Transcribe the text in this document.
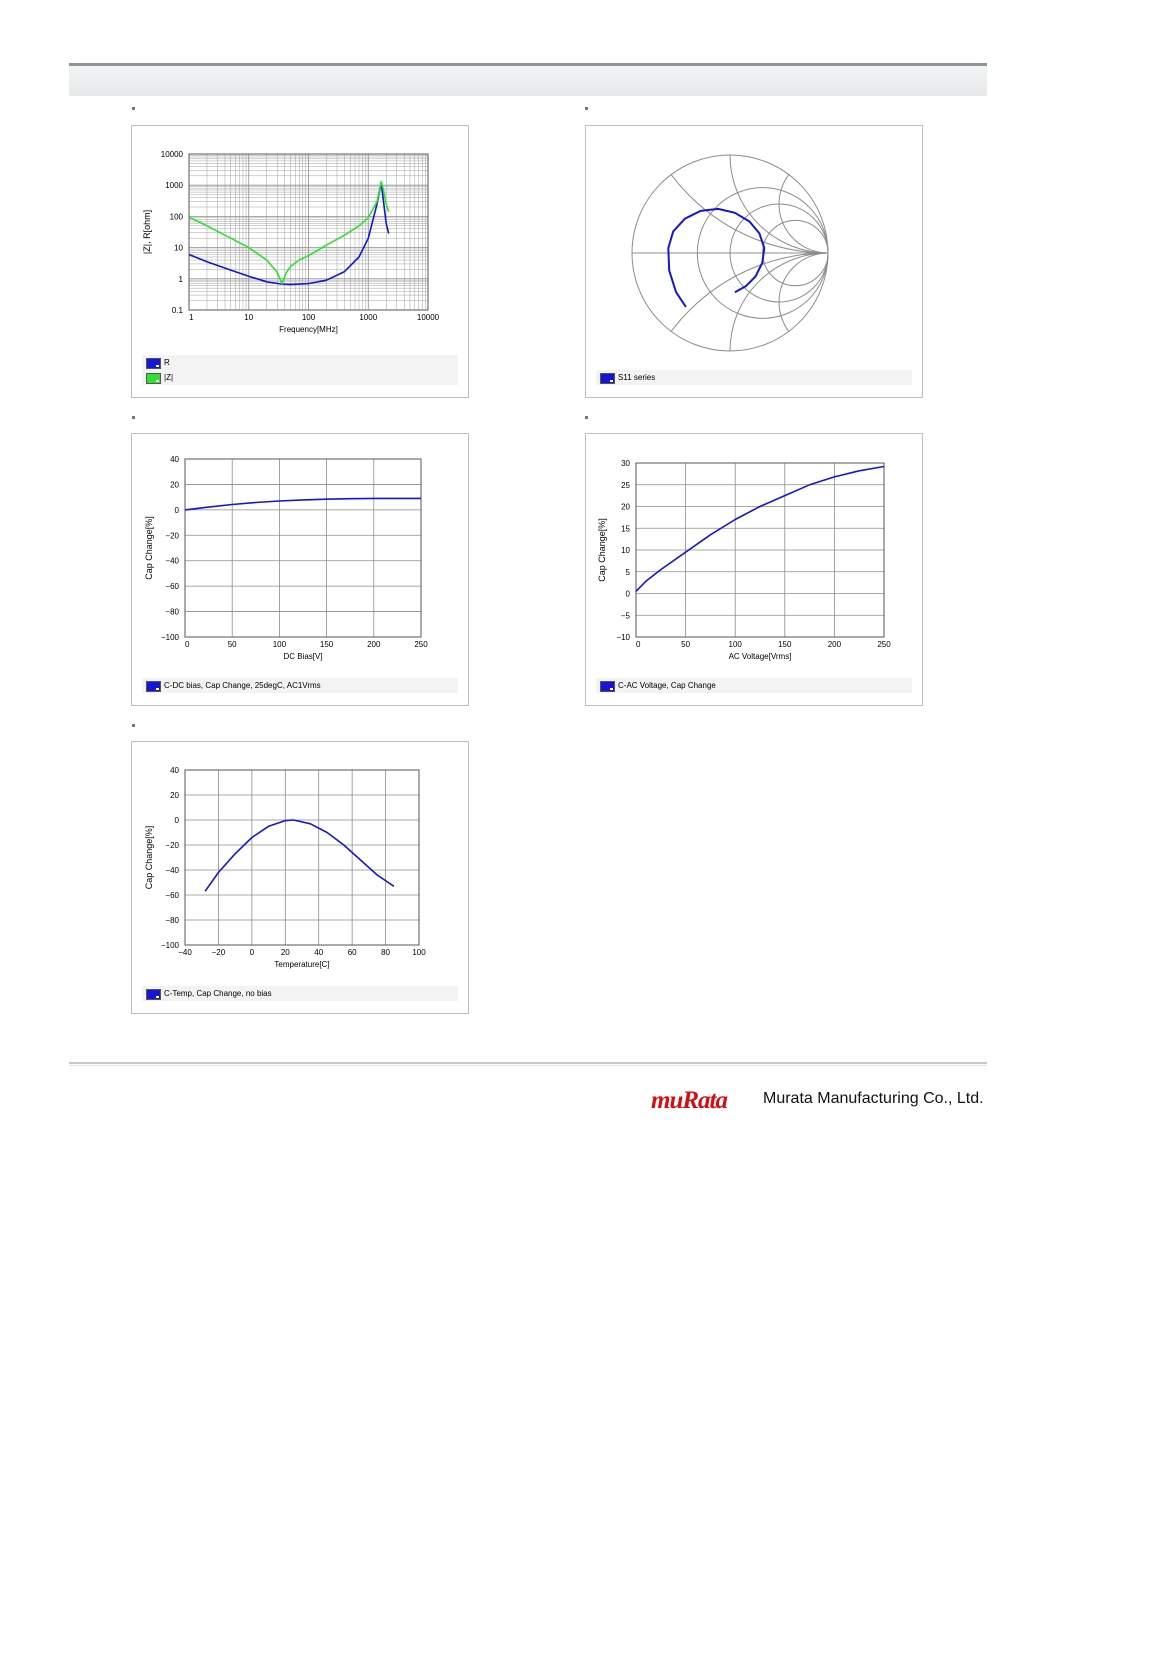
1	10	100	1000	10000
10000
1000
100
10
1
0.1
Frequency[MHz]
|Z|, R[ohm]
R
|Z|	S11 series
0	50	100	150	200	250
40
20
0
−20
−40
−60
−80
−100
DC Bias[V]
Cap Change[%]
C-DC bias, Cap Change, 25degC, AC1Vrms
0	50	100	150	200	250
30
25
20
15
10
5
0
−5
−10
AC Voltage[Vrms]
Cap Change[%]
C-AC Voltage, Cap Change
−40 −20	0	20	40	60	80	100
40
20
0
−20
−40
−60
−80
−100
Temperature[C]
Cap Change[%]
C-Temp, Cap Change, no bias
muRata Murata Manufacturing Co., Ltd.
